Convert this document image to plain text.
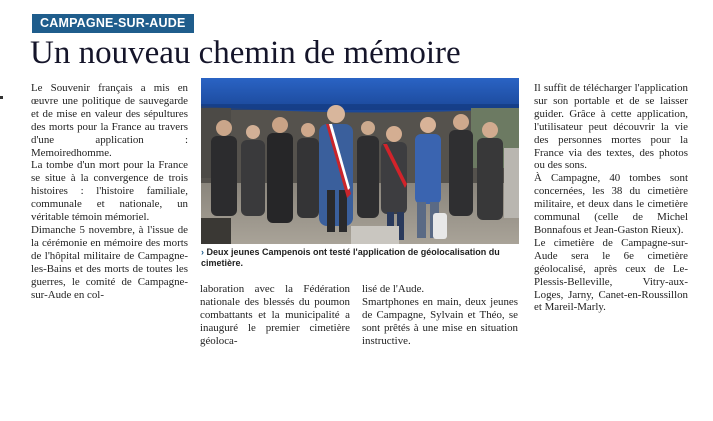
CAMPAGNE-SUR-AUDE
Un nouveau chemin de mémoire

Le Souvenir français a mis en œuvre une politique de sauvegarde et de mise en valeur des sépultures des morts pour la France au travers d'une application : Memoiredhomme.

La tombe d'un mort pour la France se situe à la convergence de trois histoires : l'histoire familiale, communale et nationale, un véritable témoin mémoriel.

Dimanche 5 novembre, à l'issue de la cérémonie en mémoire des morts de l'hôpital militaire de Campagne-les-Bains et des morts de toutes les guerres, le comité de Campagne-sur-Aude en col-

› Deux jeunes Campenois ont testé l'application de géolocalisation du cimetière.

laboration avec la Fédération nationale des blessés du poumon combattants et la municipalité a inauguré le premier cimetière géoloca-

lisé de l'Aude.

Smartphones en main, deux jeunes de Campagne, Sylvain et Théo, se sont prêtés à une mise en situation instructive.

Il suffit de télécharger l'application sur son portable et de se laisser guider. Grâce à cette application, l'utilisateur peut découvrir la vie des personnes mortes pour la France via des textes, des photos ou des sons.

À Campagne, 40 tombes sont concernées, les 38 du cimetière militaire, et deux dans le cimetière communal (celle de Michel Bonnafous et Jean-Gaston Rieux).

Le cimetière de Campagne-sur-Aude sera le 6e cimetière géolocalisé, après ceux de Le-Plessis-Belleville, Vitry-aux-Loges, Jarny, Canet-en-Roussillon et Mareil-Marly.
